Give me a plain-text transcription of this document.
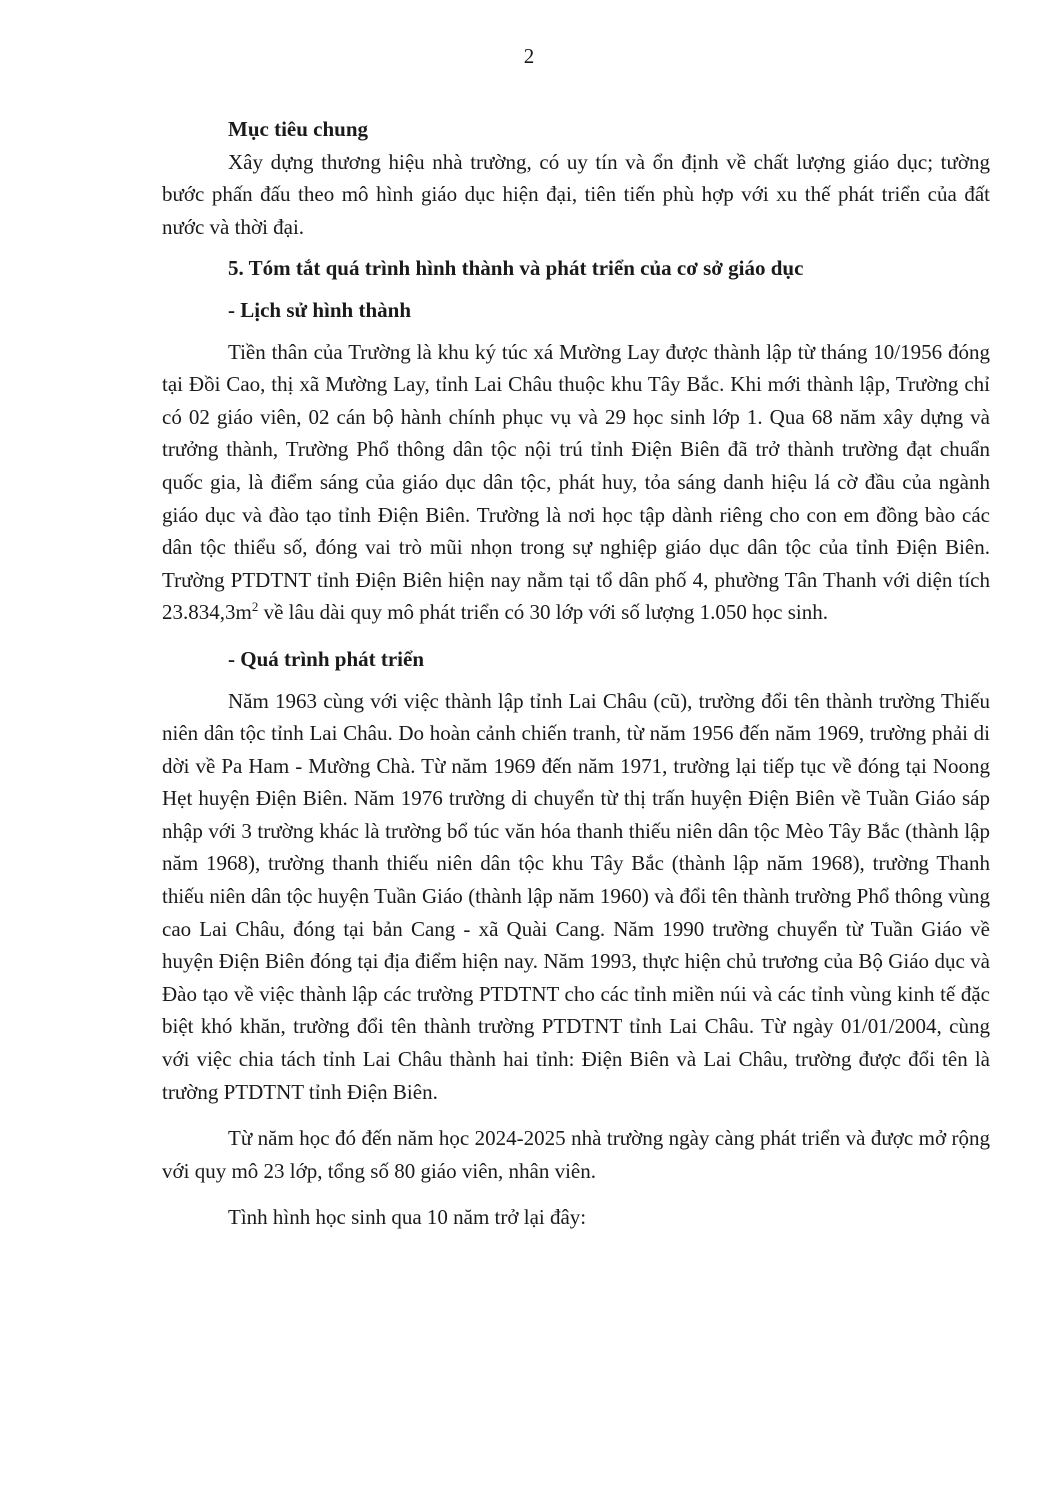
2

Mục tiêu chung

Xây dựng thương hiệu nhà trường, có uy tín và ổn định về chất lượng giáo dục; tường bước phấn đấu theo mô hình giáo dục hiện đại, tiên tiến phù hợp với xu thế phát triển của đất nước và thời đại.

5. Tóm tắt quá trình hình thành và phát triển của cơ sở giáo dục

- Lịch sử hình thành

Tiền thân của Trường là khu ký túc xá Mường Lay được thành lập từ tháng 10/1956 đóng tại Đồi Cao, thị xã Mường Lay, tỉnh Lai Châu thuộc khu Tây Bắc. Khi mới thành lập, Trường chỉ có 02 giáo viên, 02 cán bộ hành chính phục vụ và 29 học sinh lớp 1. Qua 68 năm xây dựng và trưởng thành, Trường Phổ thông dân tộc nội trú tỉnh Điện Biên đã trở thành trường đạt chuẩn quốc gia, là điểm sáng của giáo dục dân tộc, phát huy, tỏa sáng danh hiệu lá cờ đầu của ngành giáo dục và đào tạo tỉnh Điện Biên. Trường là nơi học tập dành riêng cho con em đồng bào các dân tộc thiểu số, đóng vai trò mũi nhọn trong sự nghiệp giáo dục dân tộc của tỉnh Điện Biên. Trường PTDTNT tỉnh Điện Biên hiện nay nằm tại tổ dân phố 4, phường Tân Thanh với diện tích $23.834,3m^2$ về lâu dài quy mô phát triển có 30 lớp với số lượng 1.050 học sinh.

- Quá trình phát triển

Năm 1963 cùng với việc thành lập tỉnh Lai Châu (cũ), trường đổi tên thành trường Thiếu niên dân tộc tỉnh Lai Châu. Do hoàn cảnh chiến tranh, từ năm 1956 đến năm 1969, trường phải di dời về Pa Ham - Mường Chà. Từ năm 1969 đến năm 1971, trường lại tiếp tục về đóng tại Noong Hẹt huyện Điện Biên. Năm 1976 trường di chuyển từ thị trấn huyện Điện Biên về Tuần Giáo sáp nhập với 3 trường khác là trường bổ túc văn hóa thanh thiếu niên dân tộc Mèo Tây Bắc (thành lập năm 1968), trường thanh thiếu niên dân tộc khu Tây Bắc (thành lập năm 1968), trường Thanh thiếu niên dân tộc huyện Tuần Giáo (thành lập năm 1960) và đổi tên thành trường Phổ thông vùng cao Lai Châu, đóng tại bản Cang - xã Quài Cang. Năm 1990 trường chuyển từ Tuần Giáo về huyện Điện Biên đóng tại địa điểm hiện nay. Năm 1993, thực hiện chủ trương của Bộ Giáo dục và Đào tạo về việc thành lập các trường PTDTNT cho các tỉnh miền núi và các tỉnh vùng kinh tế đặc biệt khó khăn, trường đổi tên thành trường PTDTNT tỉnh Lai Châu. Từ ngày 01/01/2004, cùng với việc chia tách tỉnh Lai Châu thành hai tỉnh: Điện Biên và Lai Châu, trường được đổi tên là trường PTDTNT tỉnh Điện Biên.

Từ năm học đó đến năm học 2024-2025 nhà trường ngày càng phát triển và được mở rộng với quy mô 23 lớp, tổng số 80 giáo viên, nhân viên.

Tình hình học sinh qua 10 năm trở lại đây:
